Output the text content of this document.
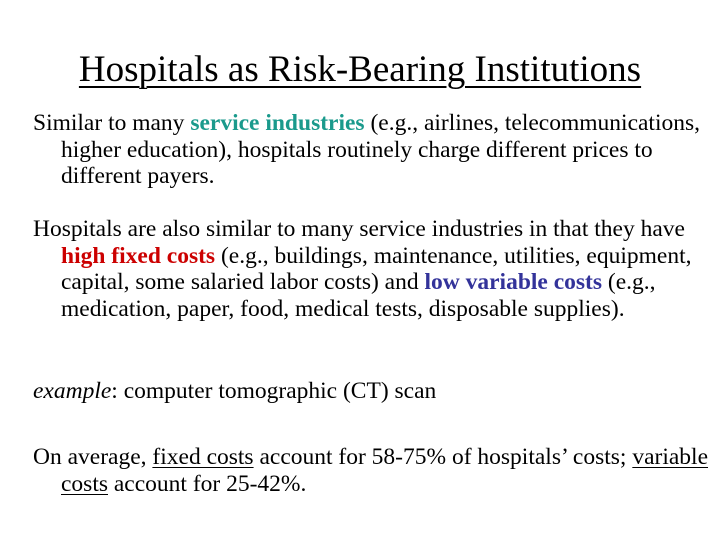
Hospitals as Risk-Bearing Institutions

Similar to many service industries (e.g., airlines, telecommunications, higher education), hospitals routinely charge different prices to different payers.

Hospitals are also similar to many service industries in that they have high fixed costs (e.g., buildings, maintenance, utilities, equipment, capital, some salaried labor costs) and low variable costs (e.g., medication, paper, food, medical tests, disposable supplies).

example: computer tomographic (CT) scan

On average, fixed costs account for 58-75% of hospitals’ costs; variable costs account for 25-42%.
